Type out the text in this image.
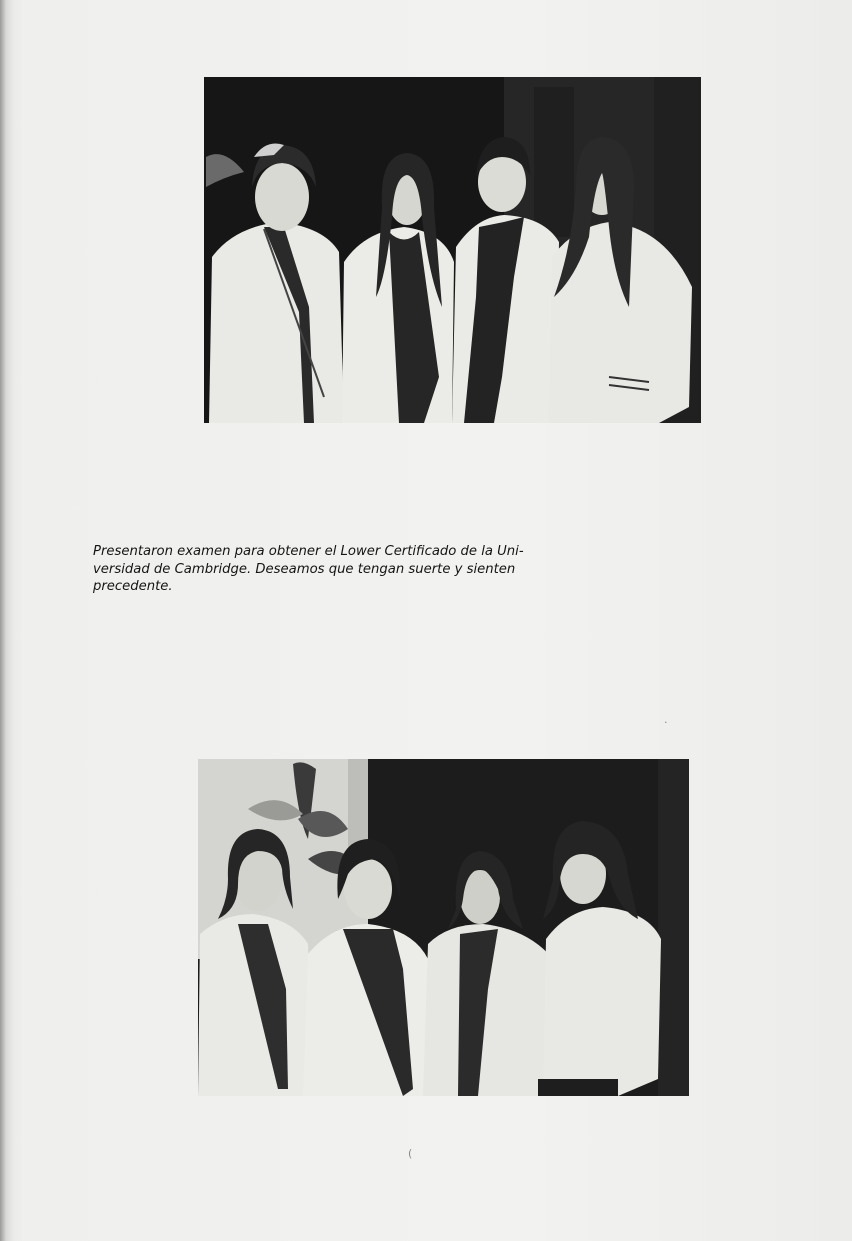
Presentaron examen para obtener el Lower Certificado de la Uni-
versidad de Cambridge. Deseamos que tengan suerte y sienten
precedente.
·
(
